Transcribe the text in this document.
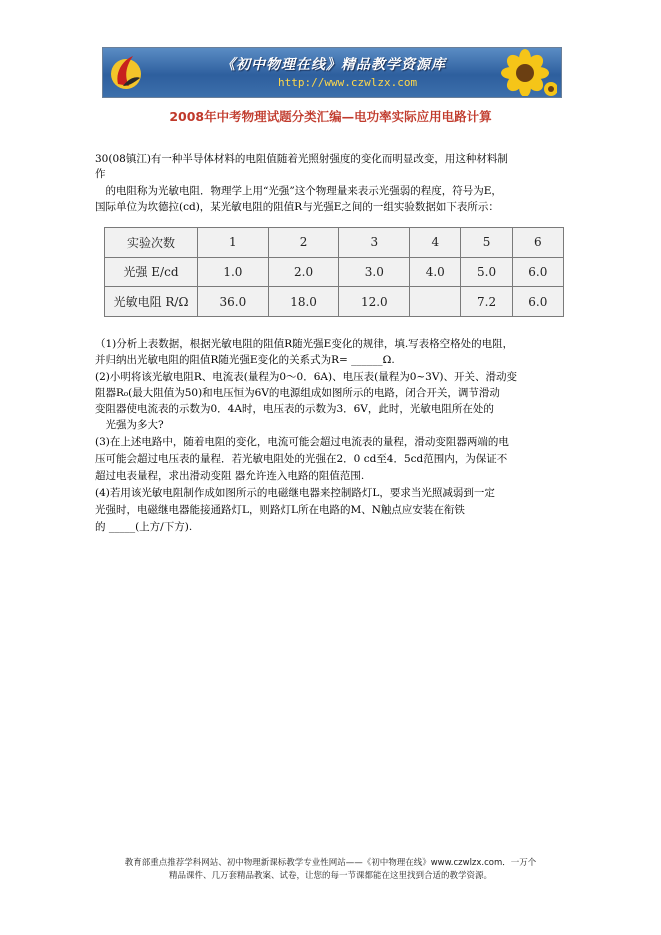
《初中物理在线》精品教学资源库
http://www.czwlzx.com
2008年中考物理试题分类汇编—电功率实际应用电路计算
30(08镇江)有一种半导体材料的电阻值随着光照射强度的变化而明显改变，用这种材料制
作
　的电阻称为光敏电阻．物理学上用“光强”这个物理量来表示光强弱的程度，符号为E，
国际单位为坎德拉(cd)，某光敏电阻的阻值R与光强E之间的一组实验数据如下表所示：
实验次数	1	2	3	4	5	6
光强 E/cd	1.0	2.0	3.0	4.0	5.0	6.0
光敏电阻 R/Ω	36.0	18.0	12.0		7.2	6.0
（1)分析上表数据，根据光敏电阻的阻值R随光强E变化的规律，填.写表格空格处的电阻，
并归纳出光敏电阻的阻值R随光强E变化的关系式为R= ______Ω.
(2)小明将该光敏电阻R、电流表(量程为0～0．6A)、电压表(量程为0~3V)、开关、滑动变
阻器R₀(最大阻值为50)和电压恒为6V的电源组成如图所示的电路，闭合开关，调节滑动
变阻器使电流表的示数为0．4A时，电压表的示数为3．6V，此时，光敏电阻所在处的
　光强为多大?
(3)在上述电路中，随着电阻的变化，电流可能会超过电流表的量程，滑动变阻器两端的电
压可能会超过电压表的量程．若光敏电阻处的光强在2．0 cd至4．5cd范围内，为保证不
超过电表量程，求出滑动变阻 器允许连入电路的阻值范围.
(4)若用该光敏电阻制作成如图所示的电磁继电器来控制路灯L，要求当光照减弱到一定
光强时，电磁继电器能接通路灯L，则路灯L所在电路的M、N触点应安装在衔铁
的 _____(上方/下方).
教育部重点推荐学科网站、初中物理新课标教学专业性网站——《初中物理在线》www.czwlzx.com．一万个
精品课件、几万套精品教案、试卷，让您的每一节课都能在这里找到合适的教学资源。
